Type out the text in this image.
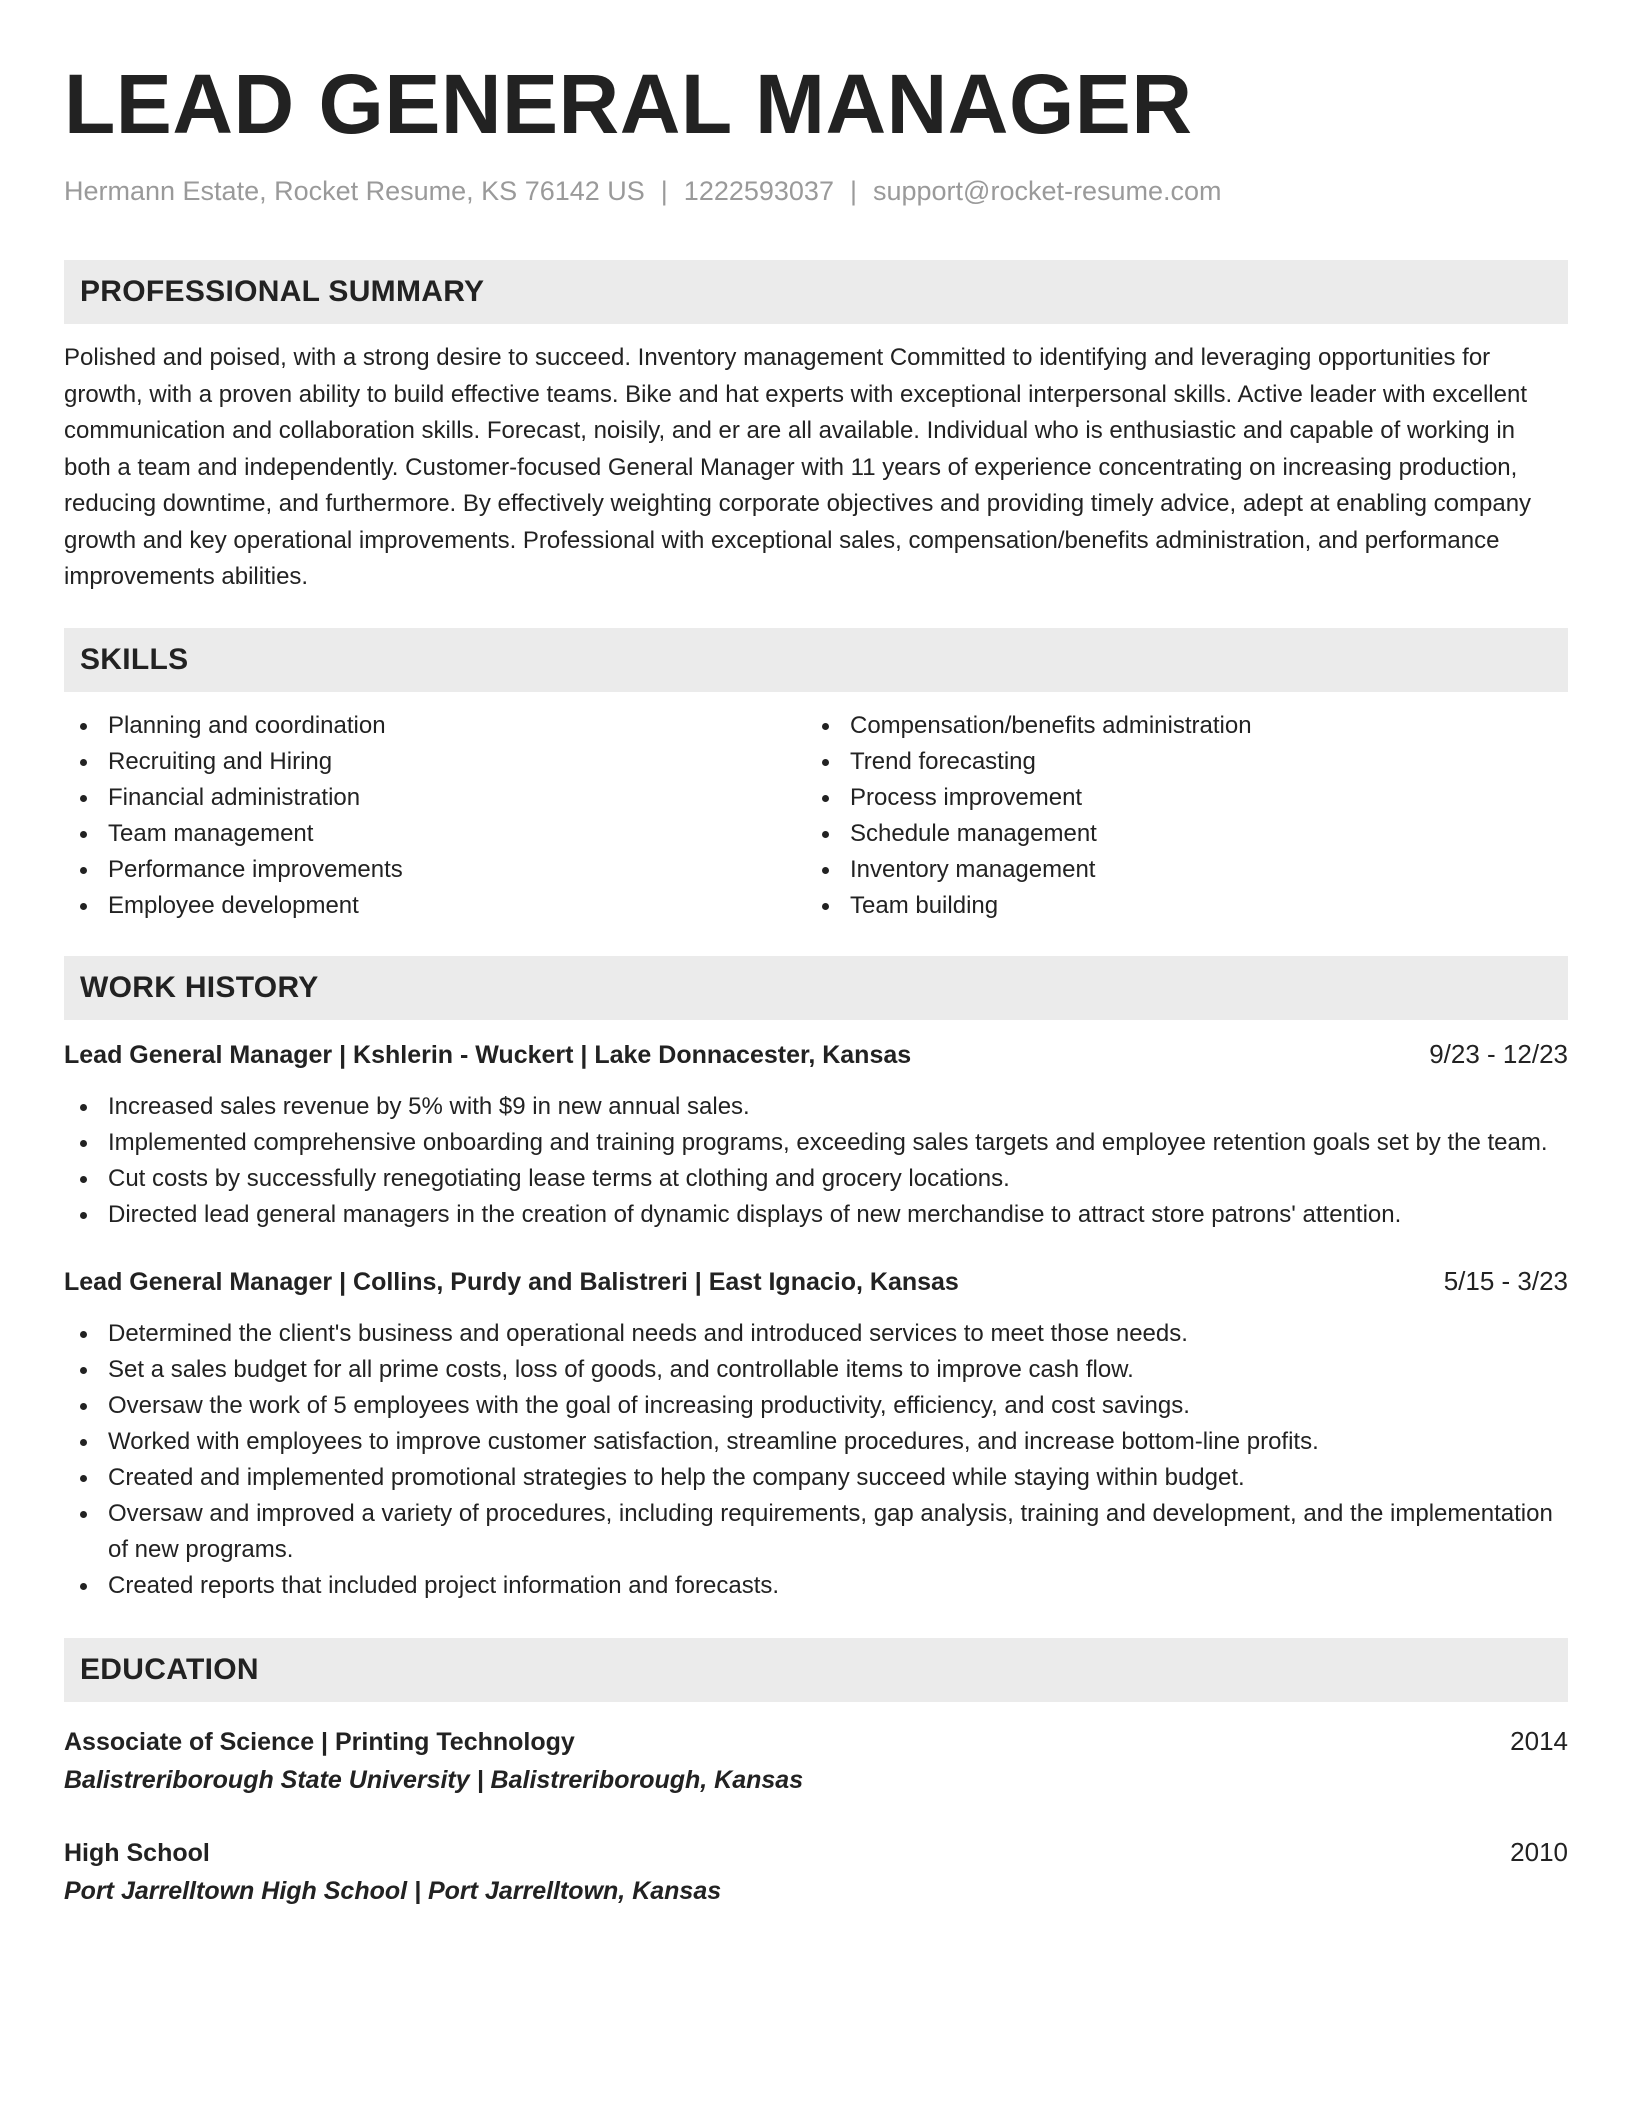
LEAD GENERAL MANAGER
Hermann Estate, Rocket Resume, KS 76142 US | 1222593037 | support@rocket-resume.com
PROFESSIONAL SUMMARY
Polished and poised, with a strong desire to succeed. Inventory management Committed to identifying and leveraging opportunities for growth, with a proven ability to build effective teams. Bike and hat experts with exceptional interpersonal skills. Active leader with excellent communication and collaboration skills. Forecast, noisily, and er are all available. Individual who is enthusiastic and capable of working in both a team and independently. Customer-focused General Manager with 11 years of experience concentrating on increasing production, reducing downtime, and furthermore. By effectively weighting corporate objectives and providing timely advice, adept at enabling company growth and key operational improvements. Professional with exceptional sales, compensation/benefits administration, and performance improvements abilities.
SKILLS
Planning and coordination
Recruiting and Hiring
Financial administration
Team management
Performance improvements
Employee development
Compensation/benefits administration
Trend forecasting
Process improvement
Schedule management
Inventory management
Team building
WORK HISTORY
Lead General Manager | Kshlerin - Wuckert | Lake Donnacester, Kansas	9/23 - 12/23
Increased sales revenue by 5% with $9 in new annual sales.
Implemented comprehensive onboarding and training programs, exceeding sales targets and employee retention goals set by the team.
Cut costs by successfully renegotiating lease terms at clothing and grocery locations.
Directed lead general managers in the creation of dynamic displays of new merchandise to attract store patrons' attention.
Lead General Manager | Collins, Purdy and Balistreri | East Ignacio, Kansas	5/15 - 3/23
Determined the client's business and operational needs and introduced services to meet those needs.
Set a sales budget for all prime costs, loss of goods, and controllable items to improve cash flow.
Oversaw the work of 5 employees with the goal of increasing productivity, efficiency, and cost savings.
Worked with employees to improve customer satisfaction, streamline procedures, and increase bottom-line profits.
Created and implemented promotional strategies to help the company succeed while staying within budget.
Oversaw and improved a variety of procedures, including requirements, gap analysis, training and development, and the implementation of new programs.
Created reports that included project information and forecasts.
EDUCATION
Associate of Science | Printing Technology	2014
Balistreriborough State University | Balistreriborough, Kansas
High School	2010
Port Jarrelltown High School | Port Jarrelltown, Kansas
